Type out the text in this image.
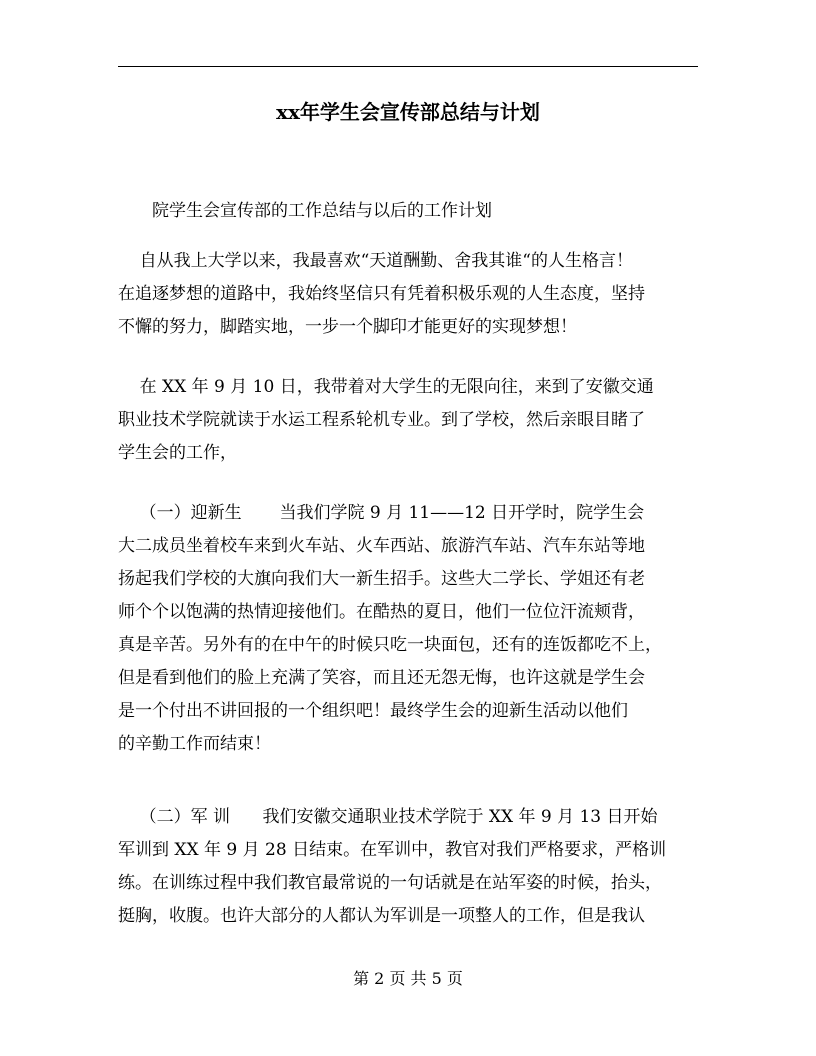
xx年学生会宣传部总结与计划

院学生会宣传部的工作总结与以后的工作计划

自从我上大学以来，我最喜欢“天道酬勤、舍我其谁“的人生格言！
在追逐梦想的道路中，我始终坚信只有凭着积极乐观的人生态度，坚持
不懈的努力，脚踏实地，一步一个脚印才能更好的实现梦想！

在 XX 年 9 月 10 日，我带着对大学生的无限向往，来到了安徽交通
职业技术学院就读于水运工程系轮机专业。到了学校，然后亲眼目睹了
学生会的工作，

（一）迎新生       当我们学院 9 月 11——12 日开学时，院学生会
大二成员坐着校车来到火车站、火车西站、旅游汽车站、汽车东站等地
扬起我们学校的大旗向我们大一新生招手。这些大二学长、学姐还有老
师个个以饱满的热情迎接他们。在酷热的夏日，他们一位位汗流颊背，
真是辛苦。另外有的在中午的时候只吃一块面包，还有的连饭都吃不上，
但是看到他们的脸上充满了笑容，而且还无怨无悔，也许这就是学生会
是一个付出不讲回报的一个组织吧！最终学生会的迎新生活动以他们
的辛勤工作而结束！

（二）军 训      我们安徽交通职业技术学院于 XX 年 9 月 13 日开始
军训到 XX 年 9 月 28 日结束。在军训中，教官对我们严格要求，严格训
练。在训练过程中我们教官最常说的一句话就是在站军姿的时候，抬头，
挺胸，收腹。也许大部分的人都认为军训是一项整人的工作，但是我认

第 2 页 共 5 页
